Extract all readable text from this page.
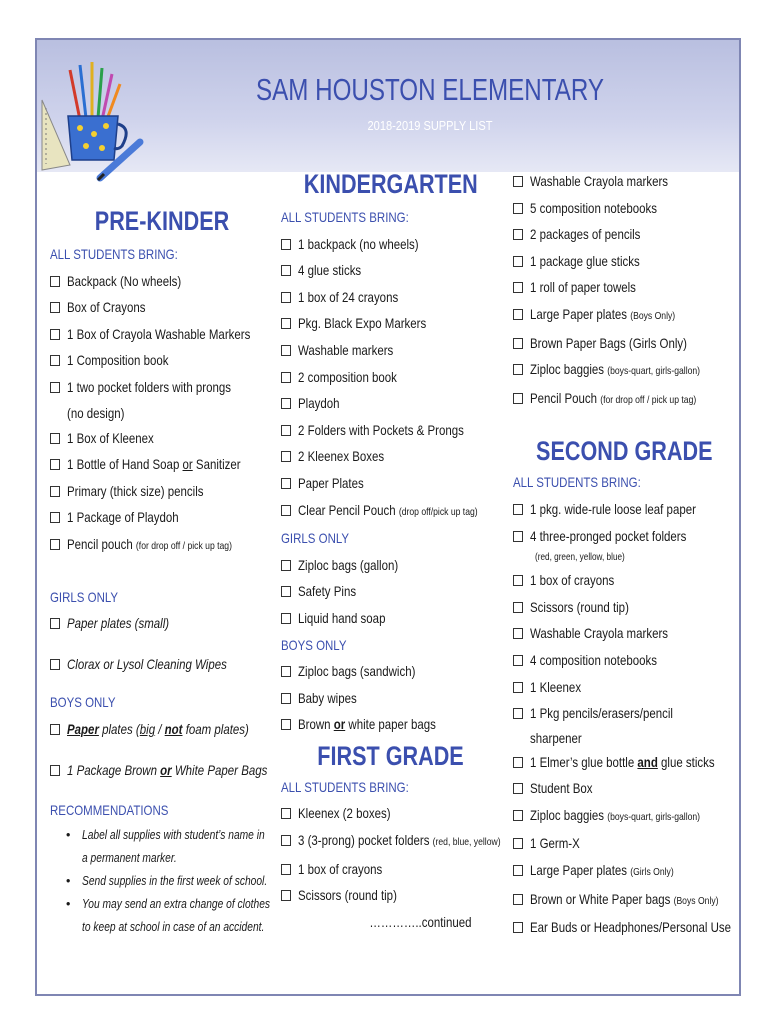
SAM HOUSTON ELEMENTARY
2018-2019 SUPPLY LIST
PRE-KINDER
ALL STUDENTS BRING:
Backpack (No wheels)
Box of Crayons
1 Box of Crayola Washable Markers
1 Composition book
1 two pocket folders with prongs
(no design)
1 Box of Kleenex
1 Bottle of Hand Soap or Sanitizer
Primary (thick size) pencils
1 Package of Playdoh
Pencil pouch (for drop off / pick up tag)
GIRLS ONLY
Paper plates (small)
Clorax or Lysol Cleaning Wipes
BOYS ONLY
Paper plates (big / not foam plates)
1 Package Brown or White Paper Bags
RECOMMENDATIONS
• Label all supplies with student’s name in
a permanent marker.
• Send supplies in the first week of school.
• You may send an extra change of clothes
to keep at school in case of an accident.
KINDERGARTEN
ALL STUDENTS BRING:
1 backpack (no wheels)
4 glue sticks
1 box of 24 crayons
Pkg. Black Expo Markers
Washable markers
2 composition book
Playdoh
2 Folders with Pockets & Prongs
2 Kleenex Boxes
Paper Plates
Clear Pencil Pouch (drop off/pick up tag)
GIRLS ONLY
Ziploc bags (gallon)
Safety Pins
Liquid hand soap
BOYS ONLY
Ziploc bags (sandwich)
Baby wipes
Brown or white paper bags
FIRST GRADE
ALL STUDENTS BRING:
Kleenex (2 boxes)
3 (3-prong) pocket folders (red, blue, yellow)
1 box of crayons
Scissors (round tip)
…………..continued
Washable Crayola markers
5 composition notebooks
2 packages of pencils
1 package glue sticks
1 roll of paper towels
Large Paper plates (Boys Only)
Brown Paper Bags (Girls Only)
Ziploc baggies (boys-quart, girls-gallon)
Pencil Pouch (for drop off / pick up tag)
SECOND GRADE
ALL STUDENTS BRING:
1 pkg. wide-rule loose leaf paper
4 three-pronged pocket folders
(red, green, yellow, blue)
1 box of crayons
Scissors (round tip)
Washable Crayola markers
4 composition notebooks
1 Kleenex
1 Pkg pencils/erasers/pencil
sharpener
1 Elmer’s glue bottle and glue sticks
Student Box
Ziploc baggies (boys-quart, girls-gallon)
1 Germ-X
Large Paper plates (Girls Only)
Brown or White Paper bags (Boys Only)
Ear Buds or Headphones/Personal Use
